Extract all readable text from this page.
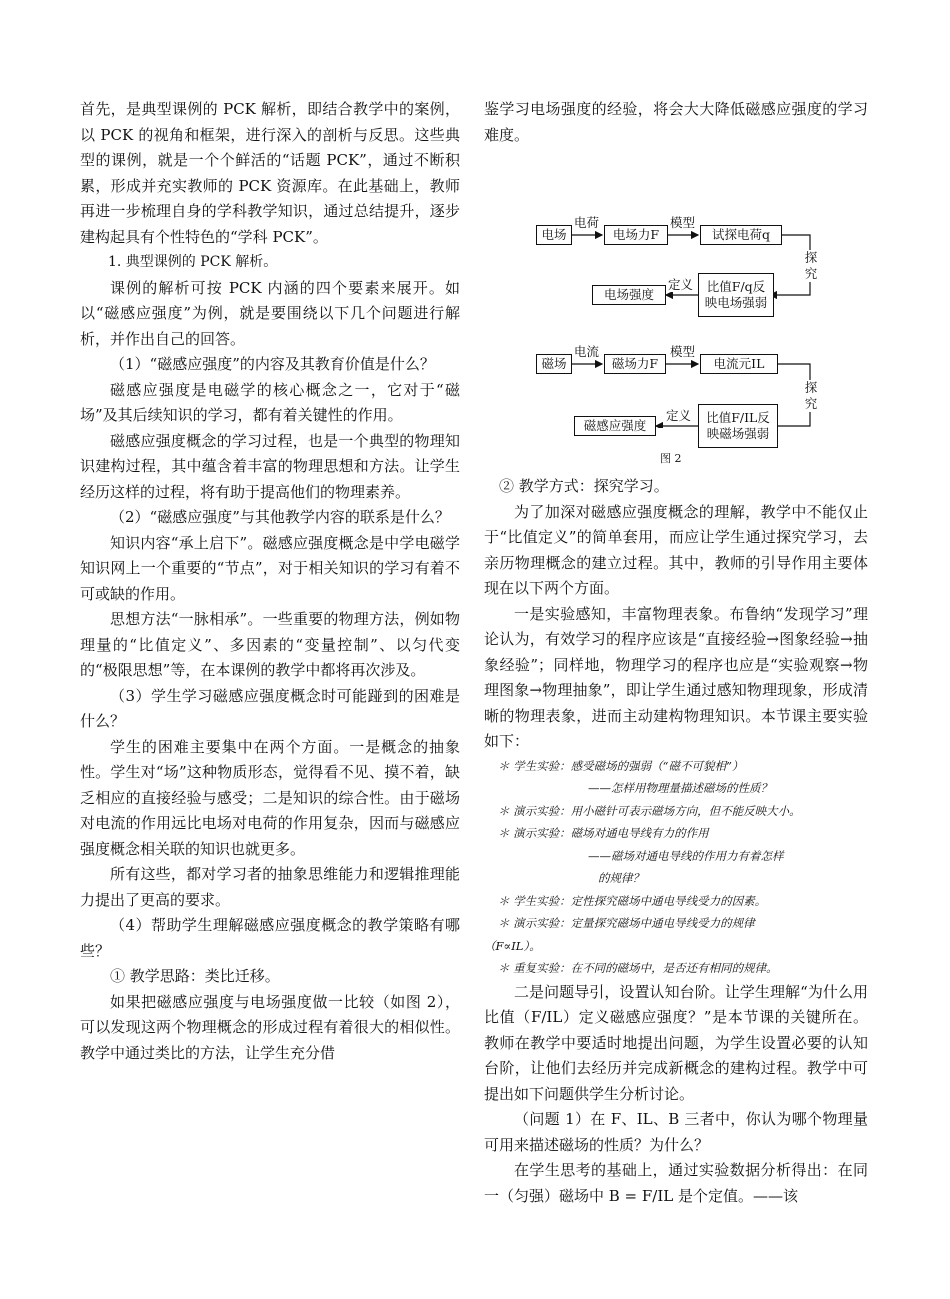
首先，是典型课例的 PCK 解析，即结合教学中的案例，以 PCK 的视角和框架，进行深入的剖析与反思。这些典型的课例，就是一个个鲜活的“话题 PCK”，通过不断积累，形成并充实教师的 PCK 资源库。在此基础上，教师再进一步梳理自身的学科教学知识，通过总结提升，逐步建构起具有个性特色的“学科 PCK”。

1. 典型课例的 PCK 解析。

课例的解析可按 PCK 内涵的四个要素来展开。如以“磁感应强度”为例，就是要围绕以下几个问题进行解析，并作出自己的回答。

（1）“磁感应强度”的内容及其教育价值是什么？

磁感应强度是电磁学的核心概念之一，它对于“磁场”及其后续知识的学习，都有着关键性的作用。

磁感应强度概念的学习过程，也是一个典型的物理知识建构过程，其中蕴含着丰富的物理思想和方法。让学生经历这样的过程，将有助于提高他们的物理素养。

（2）“磁感应强度”与其他教学内容的联系是什么？

知识内容“承上启下”。磁感应强度概念是中学电磁学知识网上一个重要的“节点”，对于相关知识的学习有着不可或缺的作用。

思想方法“一脉相承”。一些重要的物理方法，例如物理量的“比值定义”、多因素的“变量控制”、以匀代变的“极限思想”等，在本课例的教学中都将再次涉及。

（3）学生学习磁感应强度概念时可能踫到的困难是什么？

学生的困难主要集中在两个方面。一是概念的抽象性。学生对“场”这种物质形态，觉得看不见、摸不着，缺乏相应的直接经验与感受；二是知识的综合性。由于磁场对电流的作用远比电场对电荷的作用复杂，因而与磁感应强度概念相关联的知识也就更多。

所有这些，都对学习者的抽象思维能力和逻辑推理能力提出了更高的要求。

（4）帮助学生理解磁感应强度概念的教学策略有哪些？

① 教学思路：类比迁移。

如果把磁感应强度与电场强度做一比较（如图 2），可以发现这两个物理概念的形成过程有着很大的相似性。教学中通过类比的方法，让学生充分借

鉴学习电场强度的经验，将会大大降低磁感应强度的学习难度。

电场
电荷
电场力F
模型
试探电荷q
探
究
比值F/q反
映电场强弱
定义
电场强度
磁场
电流
磁场力F
模型
电流元IL
探
究
比值F/IL反
映磁场强弱
定义
磁感应强度
图 2

② 教学方式：探究学习。

为了加深对磁感应强度概念的理解，教学中不能仅止于“比值定义”的简单套用，而应让学生通过探究学习，去亲历物理概念的建立过程。其中，教师的引导作用主要体现在以下两个方面。

一是实验感知，丰富物理表象。布鲁纳“发现学习”理论认为，有效学习的程序应该是“直接经验→图象经验→抽象经验”；同样地，物理学习的程序也应是“实验观察→物理图象→物理抽象”，即让学生通过感知物理现象，形成清晰的物理表象，进而主动建构物理知识。本节课主要实验如下：

＊ 学生实验：感受磁场的强弱（“磁不可貌相”）

——怎样用物理量描述磁场的性质？

＊ 演示实验：用小磁针可表示磁场方向，但不能反映大小。

＊ 演示实验：磁场对通电导线有力的作用

——磁场对通电导线的作用力有着怎样

的规律？

＊ 学生实验：定性探究磁场中通电导线受力的因素。

＊ 演示实验：定量探究磁场中通电导线受力的规律

（F∝IL）。

＊ 重复实验：在不同的磁场中，是否还有相同的规律。

二是问题导引，设置认知台阶。让学生理解“为什么用比值（F/IL）定义磁感应强度？”是本节课的关键所在。教师在教学中要适时地提出问题，为学生设置必要的认知台阶，让他们去经历并完成新概念的建构过程。教学中可提出如下问题供学生分析讨论。

（问题 1）在 F、IL、B 三者中，你认为哪个物理量可用来描述磁场的性质？为什么？

在学生思考的基础上，通过实验数据分析得出：在同一（匀强）磁场中 B = F/IL 是个定值。——该
